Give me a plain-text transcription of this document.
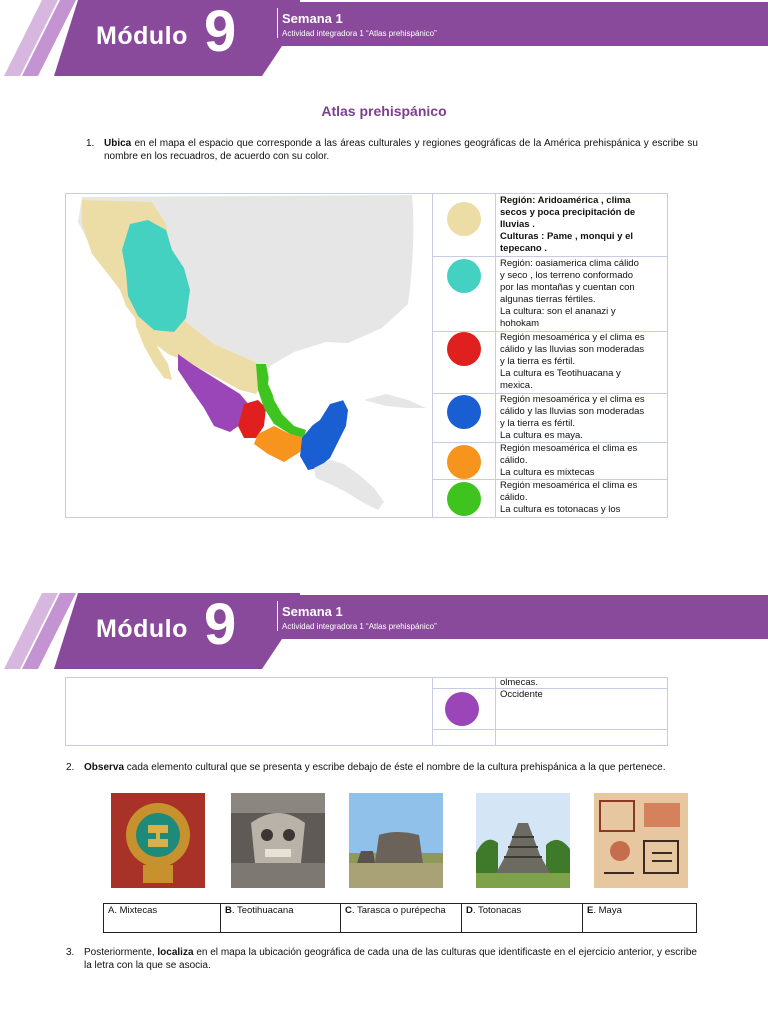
Módulo 9	Semana 1
Actividad integradora 1 “Atlas prehispánico”
Atlas prehispánico
1. Ubica en el mapa el espacio que corresponde a las áreas culturales y regiones geográficas de la América prehispánica y escribe su nombre en los recuadros, de acuerdo con su color.
Región: Aridoamérica , clima
secos y poca precipitación de
lluvias .
Culturas : Pame , monqui y el
tepecano .
Región: oasiamerica clima cálido
y seco , los terreno conformado
por las montañas y cuentan con
algunas tierras fértiles.
La cultura: son el ananazi y
hohokam
Región mesoamérica y el clima es
cálido y las lluvias son moderadas
y la tierra es fértil.
La cultura es Teotihuacana y
mexica.
Región mesoamérica y el clima es
cálido y las lluvias son moderadas
y la tierra es fértil.
La cultura es maya.
Región mesoamérica el clima es
cálido.
La cultura es mixtecas
Región mesoamérica el clima es
cálido.
La cultura es totonacas y los
Módulo 9	Semana 1
Actividad integradora 1 “Atlas prehispánico”
olmecas.
Occidente
2. Observa cada elemento cultural que se presenta y escribe debajo de éste el nombre de la cultura prehispánica a la que pertenece.
A. Mixtecas	B. Teotihuacana	C. Tarasca o purépecha	D. Totonacas	E. Maya
3. Posteriormente, localiza en el mapa la ubicación geográfica de cada una de las culturas que identificaste en el ejercicio anterior, y escribe la letra con la que se asocia.
